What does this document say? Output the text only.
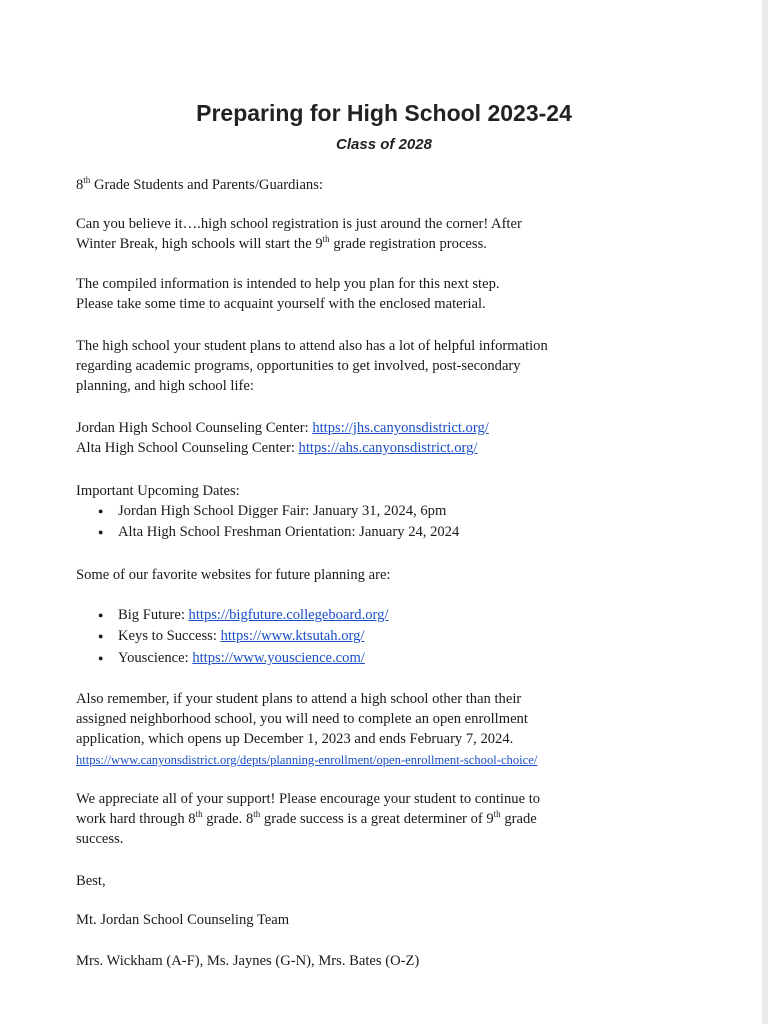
Preparing for High School 2023-24
Class of 2028
8th Grade Students and Parents/Guardians:
Can you believe it….high school registration is just around the corner! After
Winter Break, high schools will start the 9th grade registration process.
The compiled information is intended to help you plan for this next step.
Please take some time to acquaint yourself with the enclosed material.
The high school your student plans to attend also has a lot of helpful information
regarding academic programs, opportunities to get involved, post-secondary
planning, and high school life:
Jordan High School Counseling Center: https://jhs.canyonsdistrict.org/
Alta High School Counseling Center: https://ahs.canyonsdistrict.org/
Important Upcoming Dates:
Jordan High School Digger Fair: January 31, 2024, 6pm
Alta High School Freshman Orientation: January 24, 2024
Some of our favorite websites for future planning are:
Big Future: https://bigfuture.collegeboard.org/
Keys to Success: https://www.ktsutah.org/
Youscience: https://www.youscience.com/
Also remember, if your student plans to attend a high school other than their
assigned neighborhood school, you will need to complete an open enrollment
application, which opens up December 1, 2023 and ends February 7, 2024.
https://www.canyonsdistrict.org/depts/planning-enrollment/open-enrollment-school-choice/
We appreciate all of your support! Please encourage your student to continue to
work hard through 8th grade. 8th grade success is a great determiner of 9th grade
success.
Best,
Mt. Jordan School Counseling Team
Mrs. Wickham (A-F), Ms. Jaynes (G-N), Mrs. Bates (O-Z)
